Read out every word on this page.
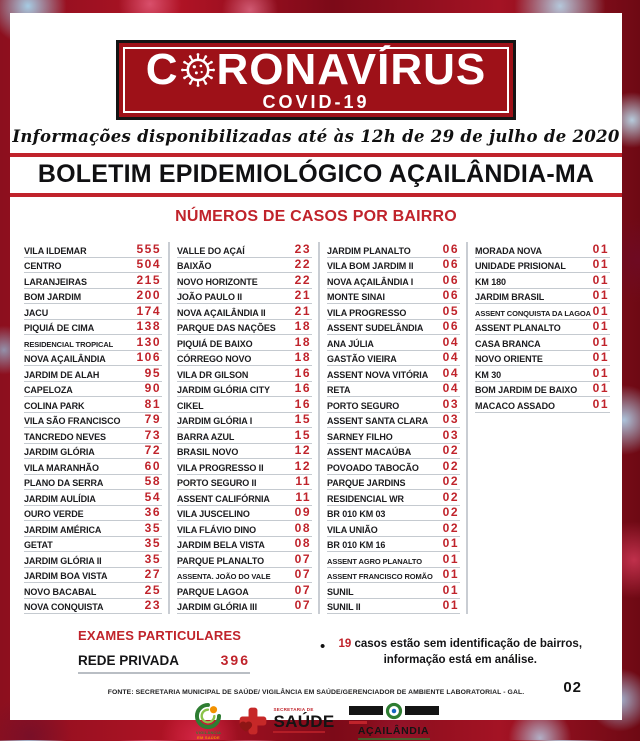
C RONAVÍRUS
COVID-19
Informações disponibilizadas até às 12h de 29 de julho de 2020
BOLETIM EPIDEMIOLÓGICO AÇAILÂNDIA-MA
NÚMEROS DE CASOS POR BAIRRO
VILA ILDEMAR	555
CENTRO	504
LARANJEIRAS	215
BOM JARDIM	200
JACU	174
PIQUIÁ DE CIMA	138
RESIDENCIAL TROPICAL 130
NOVA AÇAILÂNDIA	106
JARDIM DE ALAH	95
CAPELOZA	90
COLINA PARK	81
VILA SÃO FRANCISCO 79
TANCREDO NEVES	73
JARDIM GLÓRIA	72
VILA MARANHÃO	60
PLANO DA SERRA	58
JARDIM AULÍDIA	54
OURO VERDE	36
JARDIM AMÉRICA	35
GETAT	35
JARDIM GLÓRIA II	35
JARDIM BOA VISTA	27
NOVO BACABAL	25
NOVA CONQUISTA	23
VALLE DO AÇAÍ	23
BAIXÃO	22
NOVO HORIZONTE	22
JOÃO PAULO II	21
NOVA AÇAILÂNDIA II 21
PARQUE DAS NAÇÕES 18
PIQUIÁ DE BAIXO	18
CÓRREGO NOVO	18
VILA DR GILSON	16
JARDIM GLÓRIA CITY 16
CIKEL	16
JARDIM GLÓRIA I	15
BARRA AZUL	15
BRASIL NOVO	12
VILA PROGRESSO II	12
PORTO SEGURO II	11
ASSENT CALIFÓRNIA 11
VILA JUSCELINO	09
VILA FLÁVIO DINO	08
JARDIM BELA VISTA 08
PARQUE PLANALTO	07
ASSENTA. JOÃO DO VALE 07
PARQUE LAGOA	07
JARDIM GLÓRIA III	07
JARDIM PLANALTO	06
VILA BOM JARDIM II 06
NOVA AÇAILÂNDIA I 06
MONTE SINAI	06
VILA PROGRESSO	05
ASSENT SUDELÂNDIA 06
ANA JÚLIA	04
GASTÃO VIEIRA	04
ASSENT NOVA VITÓRIA 04
RETA	04
PORTO SEGURO	03
ASSENT SANTA CLARA 03
SARNEY FILHO	03
ASSENT MACAÚBA	02
POVOADO TABOCÃO 02
PARQUE JARDINS	02
RESIDENCIAL WR	02
BR 010 KM 03	02
VILA UNIÃO	02
BR 010 KM 16	01
ASSENT AGRO PLANALTO 01
ASSENT FRANCISCO ROMÃO 01
SUNIL	01
SUNIL II	01
MORADA NOVA	01
UNIDADE PRISIONAL 01
KM 180	01
JARDIM BRASIL	01
ASSENT CONQUISTA DA LAGOA 01
ASSENT PLANALTO	01
CASA BRANCA	01
NOVO ORIENTE	01
KM 30	01
BOM JARDIM DE BAIXO 01
MACACO ASSADO	01
EXAMES PARTICULARES
REDE PRIVADA	396
•	19 casos estão sem identificação de bairros, informação está em análise.
FONTE: SECRETARIA MUNICIPAL DE SAÚDE/ VIGILÂNCIA EM SAÚDE/GERENCIADOR DE AMBIENTE LABORATORIAL - GAL.
VIGILÂNCIA
EM SAÚDE
SECRETARIA DE
SAÚDE
AÇAILÂNDIA
02
